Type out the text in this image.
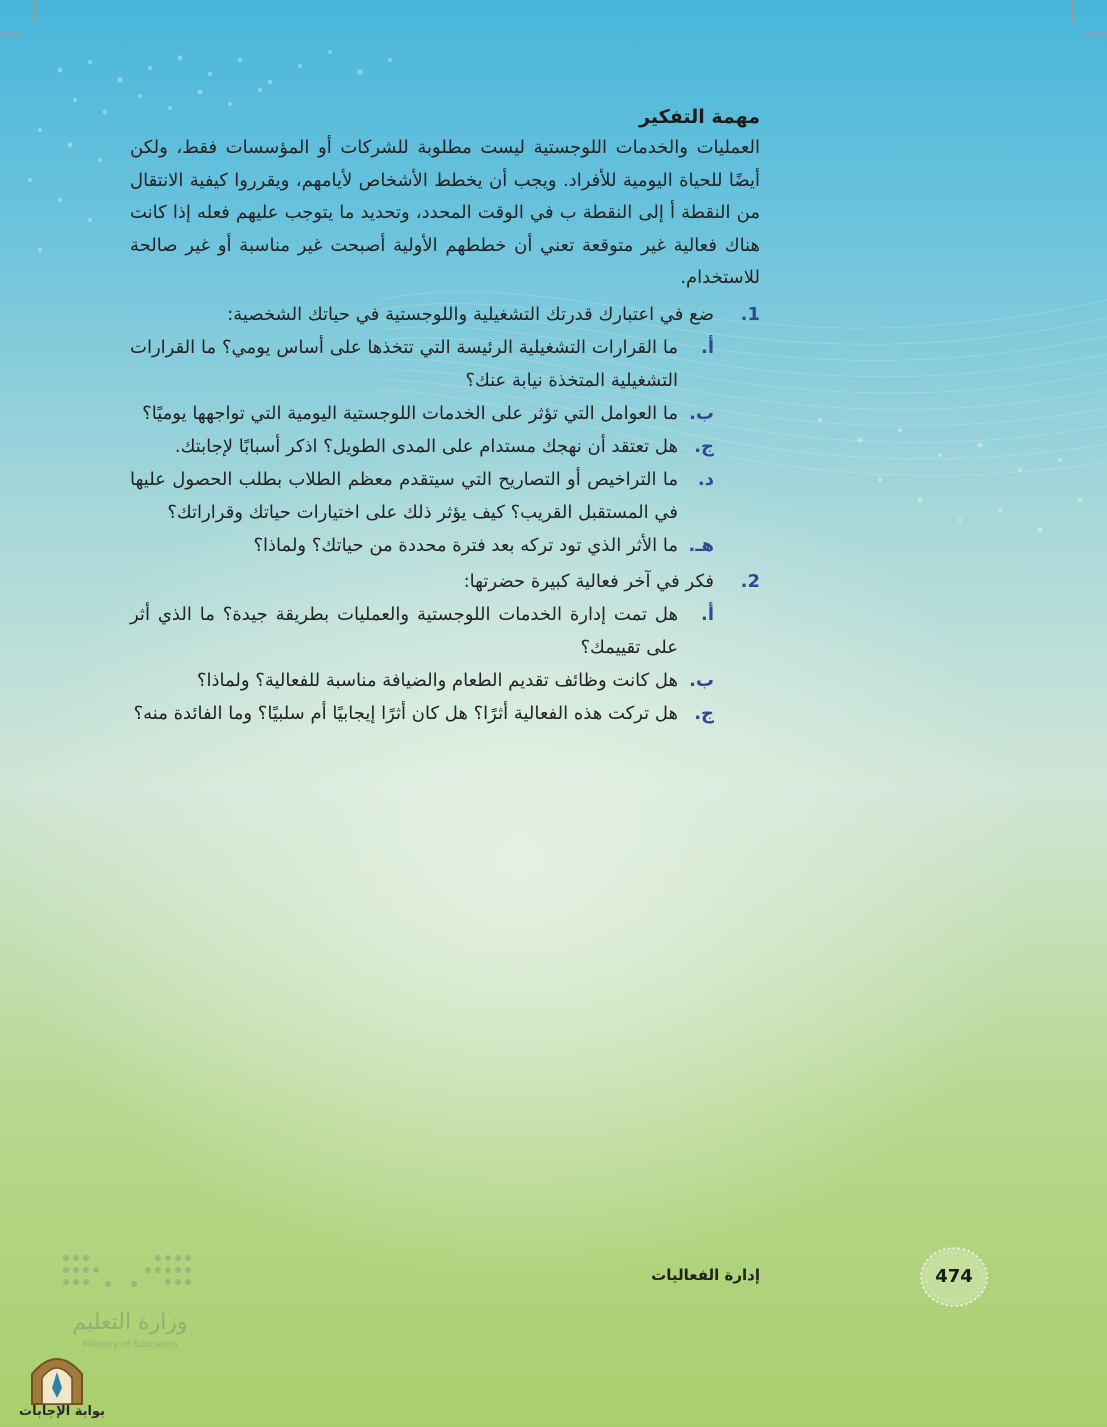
مهمة التفكير

العمليات والخدمات اللوجستية ليست مطلوبة للشركات أو المؤسسات فقط، ولكن أيضًا للحياة اليومية للأفراد. ويجب أن يخطط الأشخاص لأيامهم، ويقرروا كيفية الانتقال من النقطة أ إلى النقطة ب في الوقت المحدد، وتحديد ما يتوجب عليهم فعله إذا كانت هناك فعالية غير متوقعة تعني أن خططهم الأولية أصبحت غير مناسبة أو غير صالحة للاستخدام.

1.
ضع في اعتبارك قدرتك التشغيلية واللوجستية في حياتك الشخصية:
أ.
ما القرارات التشغيلية الرئيسة التي تتخذها على أساس يومي؟ ما القرارات التشغيلية المتخذة نيابة عنك؟
ب.
ما العوامل التي تؤثر على الخدمات اللوجستية اليومية التي تواجهها يوميًا؟
ج.
هل تعتقد أن نهجك مستدام على المدى الطويل؟ اذكر أسبابًا لإجابتك.
د.
ما التراخيص أو التصاريح التي سيتقدم معظم الطلاب بطلب الحصول عليها في المستقبل القريب؟ كيف يؤثر ذلك على اختيارات حياتك وقراراتك؟
هـ.
ما الأثر الذي تود تركه بعد فترة محددة من حياتك؟ ولماذا؟
2.
فكر في آخر فعالية كبيرة حضرتها:
أ.
هل تمت إدارة الخدمات اللوجستية والعمليات بطريقة جيدة؟ ما الذي أثر على تقييمك؟
ب.
هل كانت وظائف تقديم الطعام والضيافة مناسبة للفعالية؟ ولماذا؟
ج.
هل تركت هذه الفعالية أثرًا؟ هل كان أثرًا إيجابيًا أم سلبيًا؟ وما الفائدة منه؟
إدارة الفعاليات	474
وزارة التعليم
Ministry of Education
بوابة الإجابات
